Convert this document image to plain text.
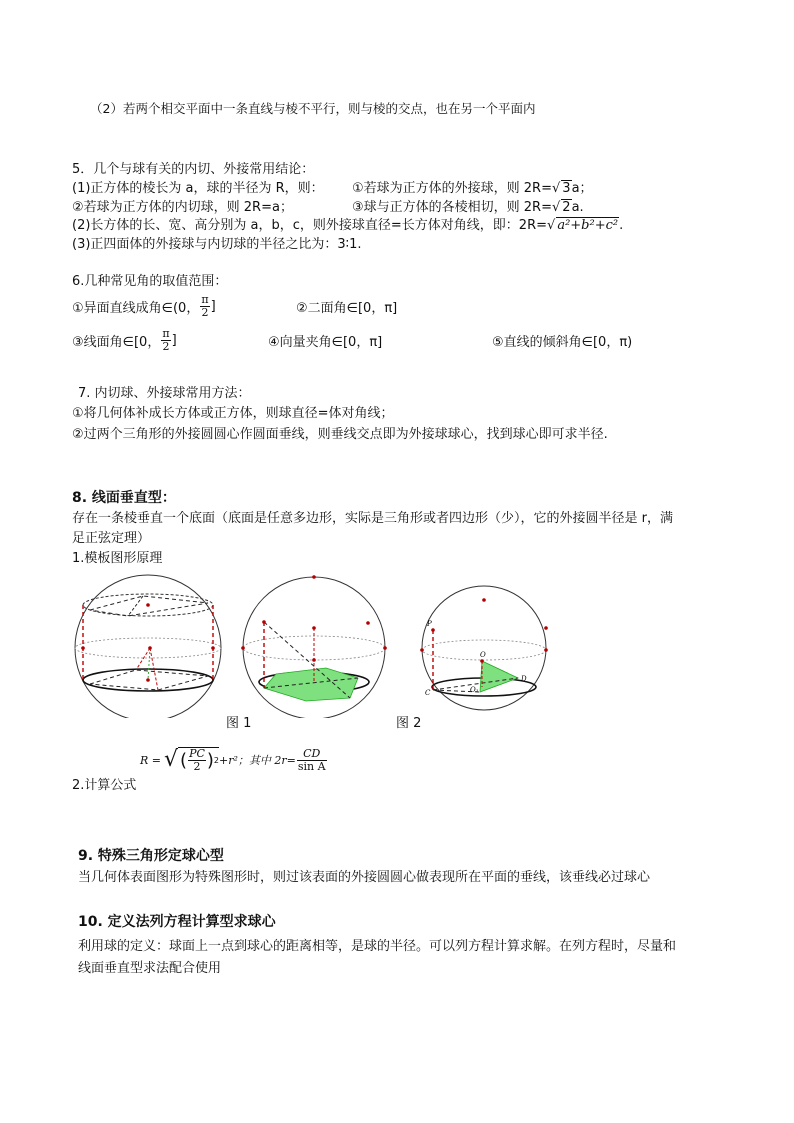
（2）若两个相交平面中一条直线与棱不平行，则与棱的交点，也在另一个平面内
5．几个与球有关的内切、外接常用结论：
(1)正方体的棱长为 a，球的半径为 R，则： ①若球为正方体的外接球，则 2R=√ 3a；
②若球为正方体的内切球，则 2R=a；	③球与正方体的各棱相切，则 2R=√ 2a.
(2)长方体的长、宽、高分别为 a，b，c，则外接球直径=长方体对角线，即：2R=√ a²+b²+c².
(3)正四面体的外接球与内切球的半径之比为：3∶1.
6.几种常见角的取值范围：
①异面直线成角∈(0， $\frac{\pi}{2}$ ]	②二面角∈[0，π]
③线面角∈[0， $\frac{\pi}{2}$ ]	④向量夹角∈[0，π]	⑤直线的倾斜角∈[0，π)
7. 内切球、外接球常用方法：
①将几何体补成长方体或正方体，则球直径=体对角线；
②过两个三角形的外接圆圆心作圆面垂线，则垂线交点即为外接球球心，找到球心即可求半径.
8. 线面垂直型：
存在一条棱垂直一个底面（底面是任意多边形，实际是三角形或者四边形（少），它的外接圆半径是 r，满
足正弦定理）
1.模板图形原理
P
O
C	O₁
D
图 1	图 2
R = √ ( $\frac{PC}{2}$ ) 2 +r²；其中 $2r= \frac{CD}{\text{sin A}}$
2.计算公式
9. 特殊三角形定球心型
当几何体表面图形为特殊图形时，则过该表面的外接圆圆心做表现所在平面的垂线，该垂线必过球心
10. 定义法列方程计算型求球心
利用球的定义：球面上一点到球心的距离相等，是球的半径。可以列方程计算求解。在列方程时，尽量和
线面垂直型求法配合使用
